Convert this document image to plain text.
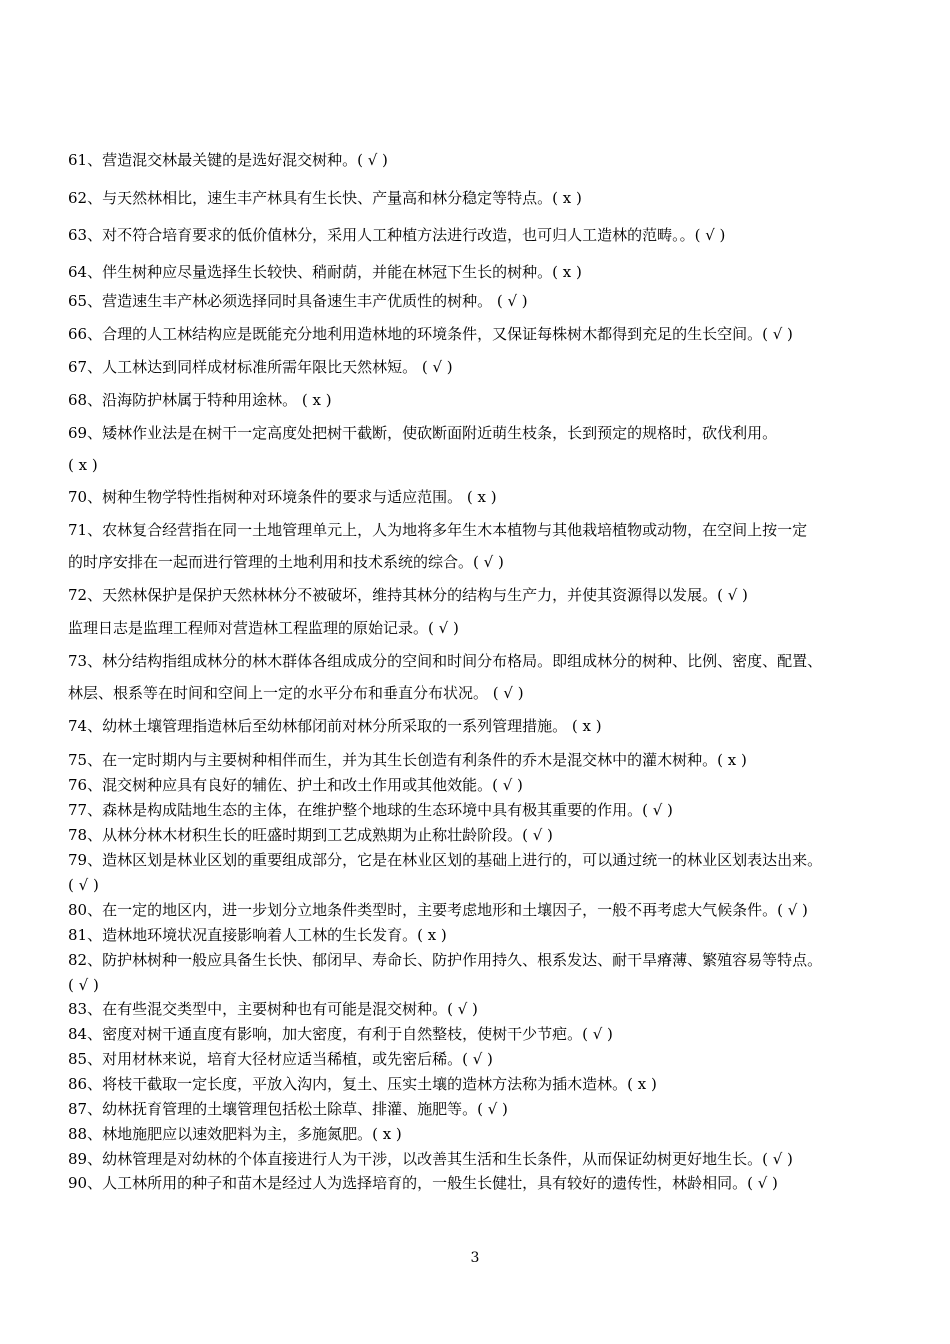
61、营造混交林最关键的是选好混交树种。( √ )
62、与天然林相比，速生丰产林具有生长快、产量高和林分稳定等特点。( x )
63、对不符合培育要求的低价值林分，采用人工种植方法进行改造，也可归人工造林的范畴。。( √ )
64、伴生树种应尽量选择生长较快、稍耐荫，并能在林冠下生长的树种。( x )
65、营造速生丰产林必须选择同时具备速生丰产优质性的树种。 ( √ )
66、合理的人工林结构应是既能充分地利用造林地的环境条件，又保证每株树木都得到充足的生长空间。( √ )
67、人工林达到同样成材标准所需年限比天然林短。 ( √ )
68、沿海防护林属于特种用途林。 ( x )
69、矮林作业法是在树干一定高度处把树干截断，使砍断面附近萌生枝条，长到预定的规格时，砍伐利用。
( x )
70、树种生物学特性指树种对环境条件的要求与适应范围。 ( x )
71、农林复合经营指在同一土地管理单元上，人为地将多年生木本植物与其他栽培植物或动物，在空间上按一定
的时序安排在一起而进行管理的土地利用和技术系统的综合。( √ )
72、天然林保护是保护天然林林分不被破坏，维持其林分的结构与生产力，并使其资源得以发展。( √ )
监理日志是监理工程师对营造林工程监理的原始记录。( √ )
73、林分结构指组成林分的林木群体各组成成分的空间和时间分布格局。即组成林分的树种、比例、密度、配置、
林层、根系等在时间和空间上一定的水平分布和垂直分布状况。 ( √ )
74、幼林土壤管理指造林后至幼林郁闭前对林分所采取的一系列管理措施。 ( x )
75、在一定时期内与主要树种相伴而生，并为其生长创造有利条件的乔木是混交林中的灌木树种。( x )
76、混交树种应具有良好的辅佐、护土和改土作用或其他效能。( √ )
77、森林是构成陆地生态的主体，在维护整个地球的生态环境中具有极其重要的作用。( √ )
78、从林分林木材积生长的旺盛时期到工艺成熟期为止称壮龄阶段。( √ )
79、造林区划是林业区划的重要组成部分，它是在林业区划的基础上进行的，可以通过统一的林业区划表达出来。
( √ )
80、在一定的地区内，进一步划分立地条件类型时，主要考虑地形和土壤因子，一般不再考虑大气候条件。( √ )
81、造林地环境状况直接影响着人工林的生长发育。( x )
82、防护林树种一般应具备生长快、郁闭早、寿命长、防护作用持久、根系发达、耐干旱瘠薄、繁殖容易等特点。
( √ )
83、在有些混交类型中，主要树种也有可能是混交树种。( √ )
84、密度对树干通直度有影响，加大密度，有利于自然整枝，使树干少节疤。( √ )
85、对用材林来说，培育大径材应适当稀植，或先密后稀。( √ )
86、将枝干截取一定长度，平放入沟内，复土、压实土壤的造林方法称为插木造林。( x )
87、幼林抚育管理的土壤管理包括松土除草、排灌、施肥等。( √ )
88、林地施肥应以速效肥料为主，多施氮肥。( x )
89、幼林管理是对幼林的个体直接进行人为干涉，以改善其生活和生长条件，从而保证幼树更好地生长。( √ )
90、人工林所用的种子和苗木是经过人为选择培育的，一般生长健壮，具有较好的遗传性，林龄相同。( √ )
3
